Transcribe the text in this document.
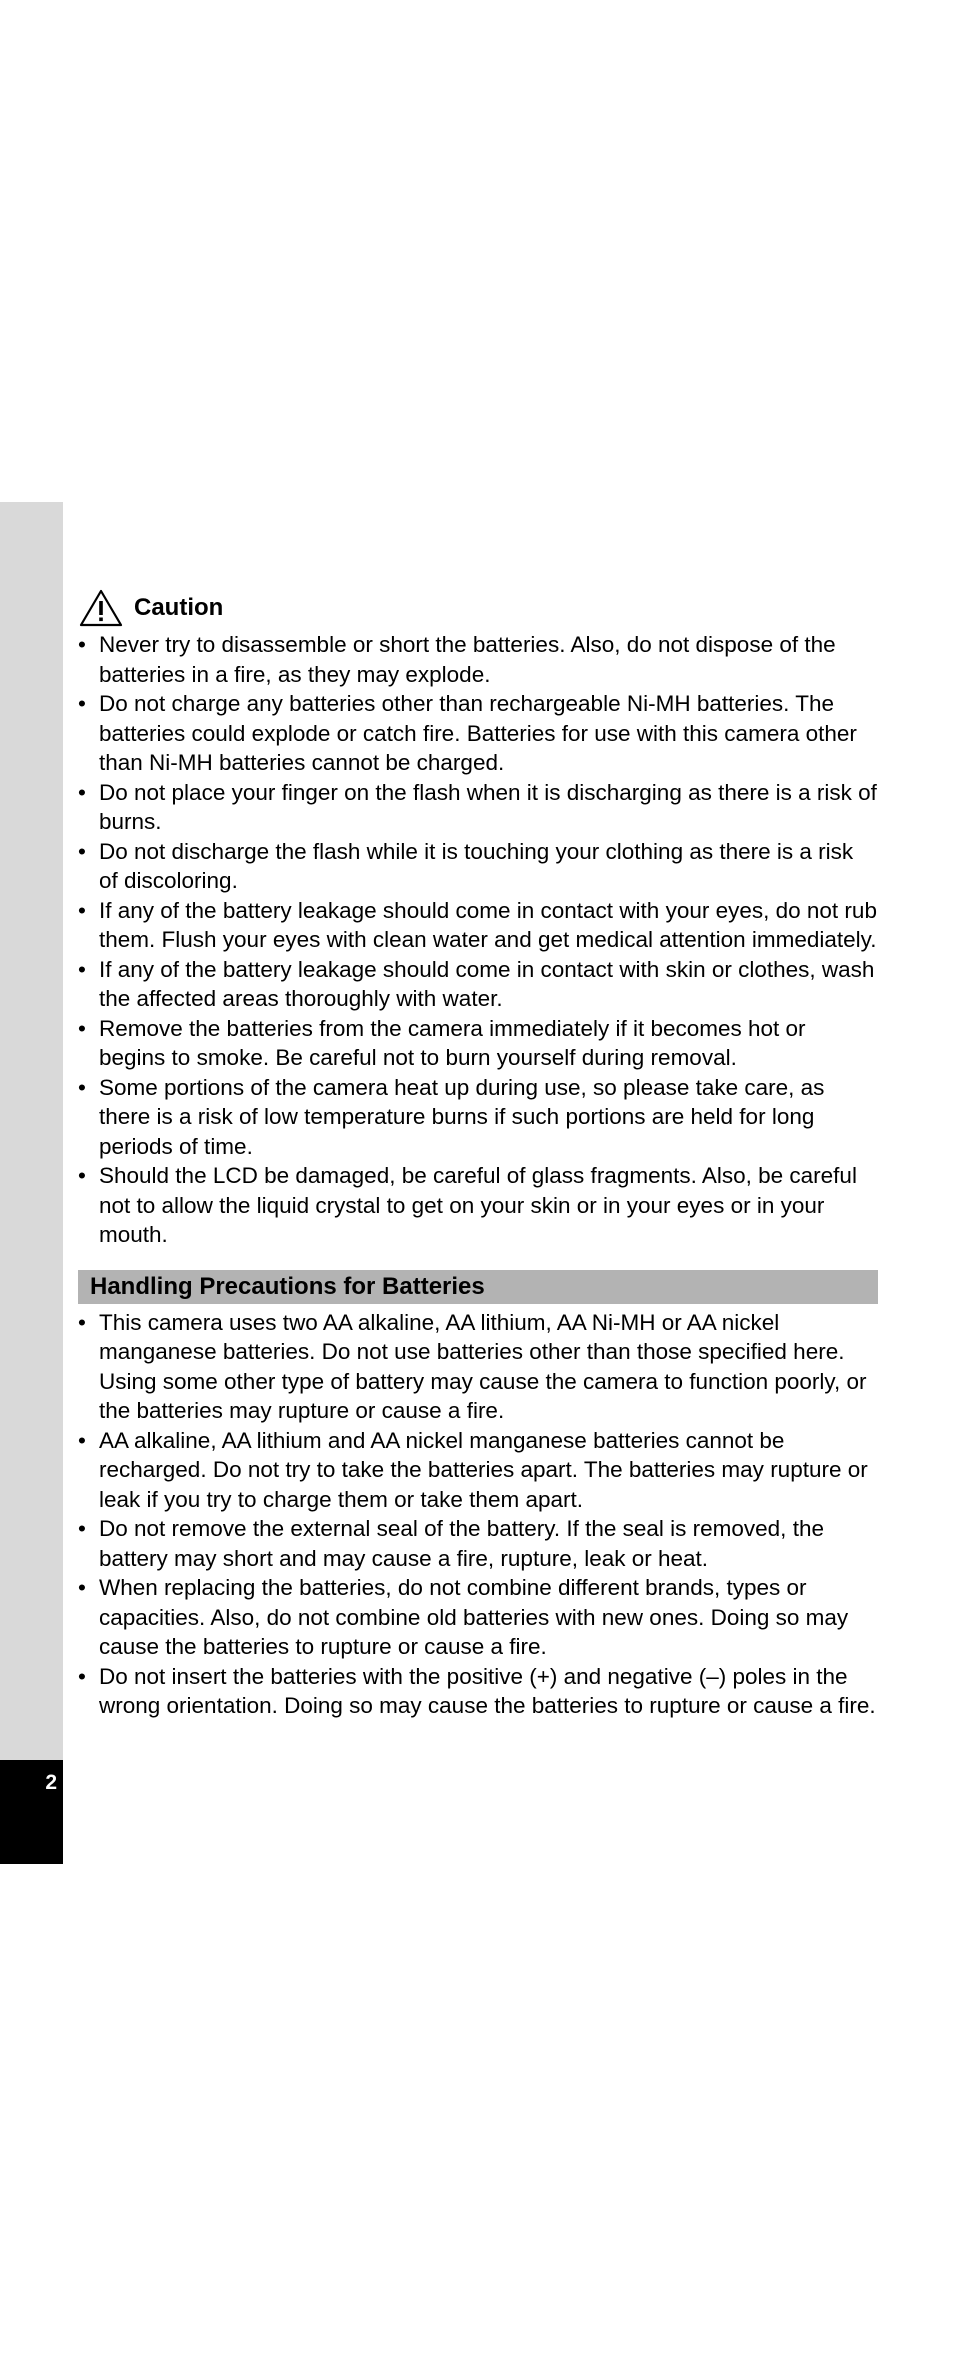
2
Caution
• Never try to disassemble or short the batteries. Also, do not dispose of the batteries in a fire, as they may explode.
• Do not charge any batteries other than rechargeable Ni-MH batteries. The batteries could explode or catch fire. Batteries for use with this camera other than Ni-MH batteries cannot be charged.
• Do not place your finger on the flash when it is discharging as there is a risk of burns.
• Do not discharge the flash while it is touching your clothing as there is a risk of discoloring.
• If any of the battery leakage should come in contact with your eyes, do not rub them. Flush your eyes with clean water and get medical attention immediately.
• If any of the battery leakage should come in contact with skin or clothes, wash the affected areas thoroughly with water.
• Remove the batteries from the camera immediately if it becomes hot or begins to smoke. Be careful not to burn yourself during removal.
• Some portions of the camera heat up during use, so please take care, as there is a risk of low temperature burns if such portions are held for long periods of time.
• Should the LCD be damaged, be careful of glass fragments. Also, be careful not to allow the liquid crystal to get on your skin or in your eyes or in your mouth.
Handling Precautions for Batteries
• This camera uses two AA alkaline, AA lithium, AA Ni-MH or AA nickel manganese batteries. Do not use batteries other than those specified here. Using some other type of battery may cause the camera to function poorly, or the batteries may rupture or cause a fire.
• AA alkaline, AA lithium and AA nickel manganese batteries cannot be recharged. Do not try to take the batteries apart. The batteries may rupture or leak if you try to charge them or take them apart.
• Do not remove the external seal of the battery. If the seal is removed, the battery may short and may cause a fire, rupture, leak or heat.
• When replacing the batteries, do not combine different brands, types or capacities. Also, do not combine old batteries with new ones. Doing so may cause the batteries to rupture or cause a fire.
• Do not insert the batteries with the positive (+) and negative (–) poles in the wrong orientation. Doing so may cause the batteries to rupture or cause a fire.
